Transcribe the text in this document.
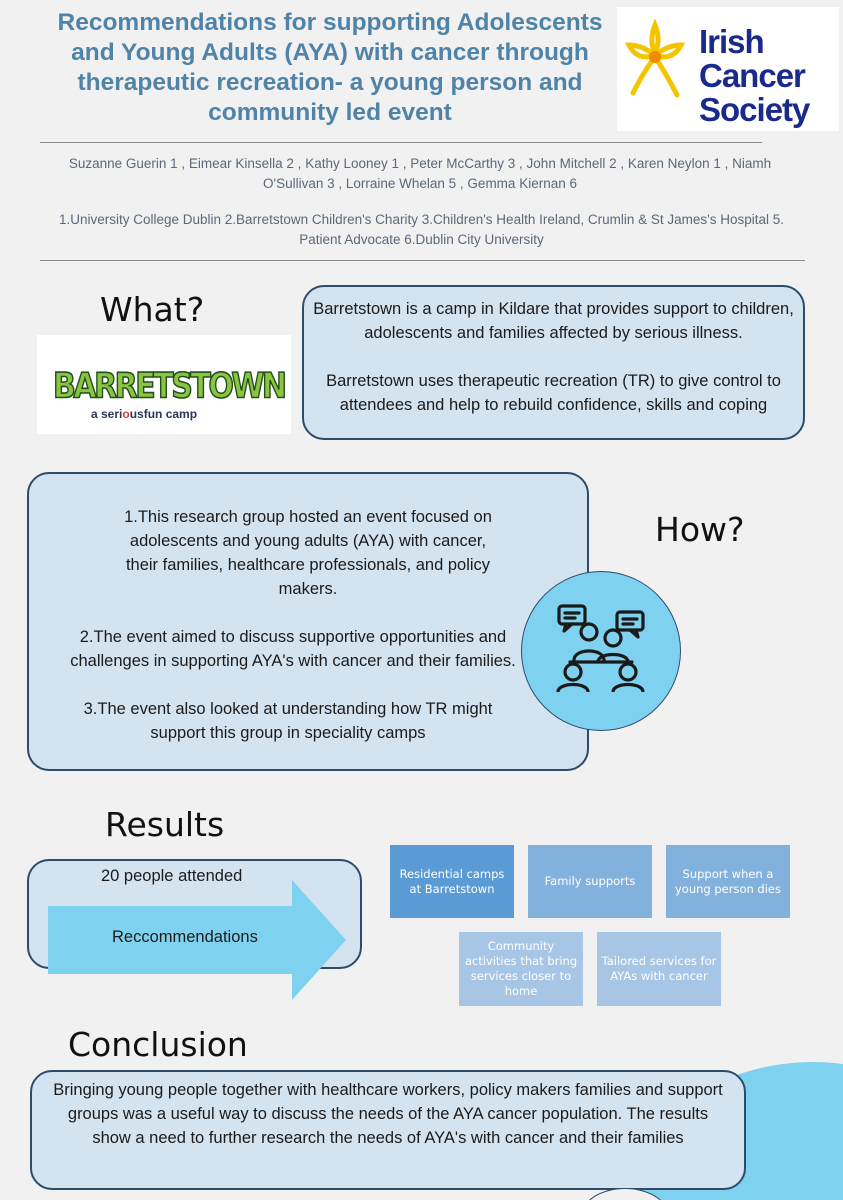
Recommendations for supporting Adolescents
and Young Adults (AYA) with cancer through
therapeutic recreation- a young person and
community led event
Irish
Cancer
Society
Suzanne Guerin 1 , Eimear Kinsella 2 , Kathy Looney 1 , Peter McCarthy 3 , John Mitchell 2 , Karen Neylon 1 , Niamh
O'Sullivan 3 , Lorraine Whelan 5 , Gemma Kiernan 6
1.University College Dublin 2.Barretstown Children's Charity 3.Children's Health Ireland, Crumlin & St James's Hospital 5.
Patient Advocate 6.Dublin City University
What?
BARRETSTOWN
a seriousfun camp

Barretstown is a camp in Kildare that provides support to children, adolescents and families affected by serious illness.

Barretstown uses therapeutic recreation (TR) to give control to attendees and help to rebuild confidence, skills and coping

1.This research group hosted an event focused on adolescents and young adults (AYA) with cancer, their families, healthcare professionals, and policy makers.

2.The event aimed to discuss supportive opportunities and challenges in supporting AYA's with cancer and their families.

3.The event also looked at understanding how TR might support this group in speciality camps

How?
Results
20 people attended
Reccommendations
Residential camps at Barretstown
Family supports
Support when a young person dies
Community activities that bring services closer to home
Tailored services for AYAs with cancer
Conclusion

Bringing young people together with healthcare workers, policy makers families and support groups was a useful way to discuss the needs of the AYA cancer population. The results show a need to further research the needs of AYA's with cancer and their families
